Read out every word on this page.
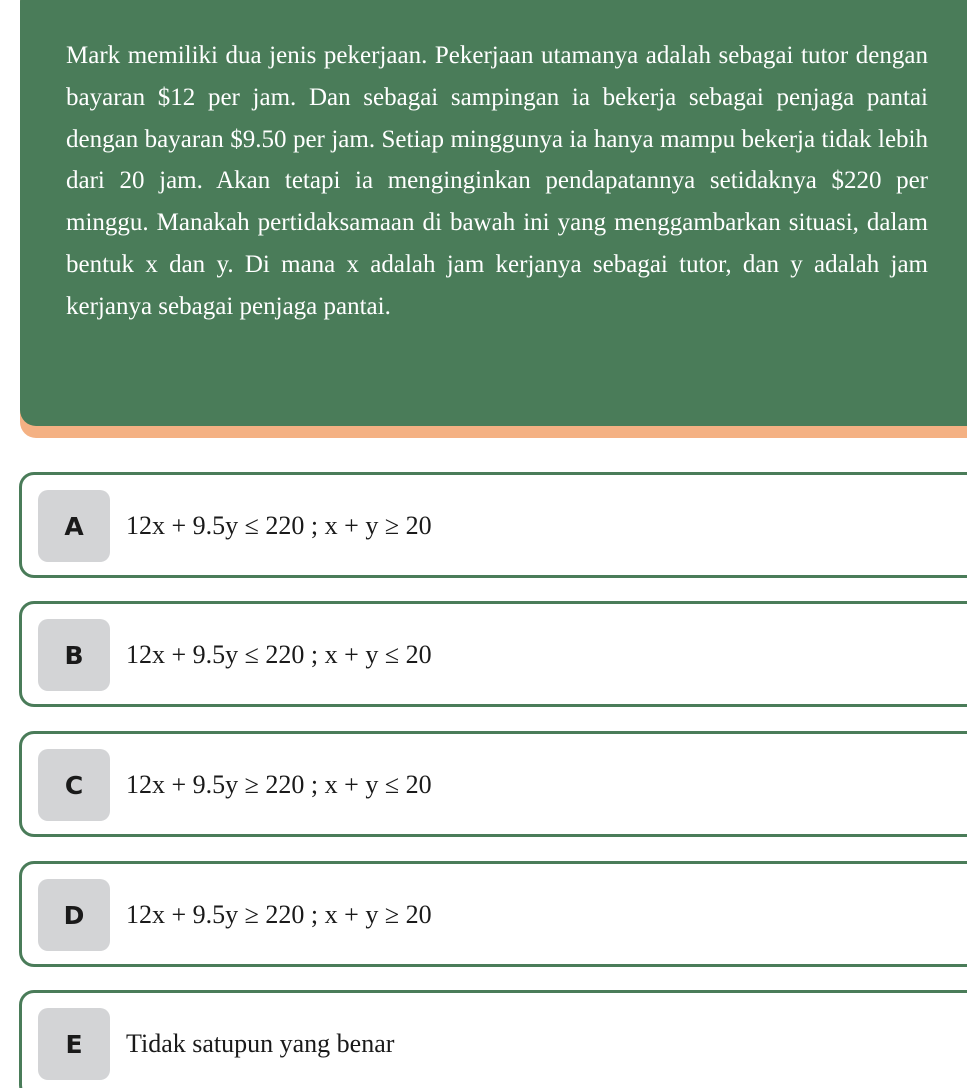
Mark memiliki dua jenis pekerjaan. Pekerjaan utamanya adalah sebagai tutor dengan bayaran $12 per jam. Dan sebagai sampingan ia bekerja sebagai penjaga pantai dengan bayaran $9.50 per jam. Setiap minggunya ia hanya mampu bekerja tidak lebih dari 20 jam. Akan tetapi ia menginginkan pendapatannya setidaknya $220 per minggu. Manakah pertidaksamaan di bawah ini yang menggambarkan situasi, dalam bentuk x dan y. Di mana x adalah jam kerjanya sebagai tutor, dan y adalah jam kerjanya sebagai penjaga pantai.

A	12x + 9.5y ≤ 220 ; x + y ≥ 20
B	12x + 9.5y ≤ 220 ; x + y ≤ 20
C	12x + 9.5y ≥ 220 ; x + y ≤ 20
D	12x + 9.5y ≥ 220 ; x + y ≥ 20
E	Tidak satupun yang benar
